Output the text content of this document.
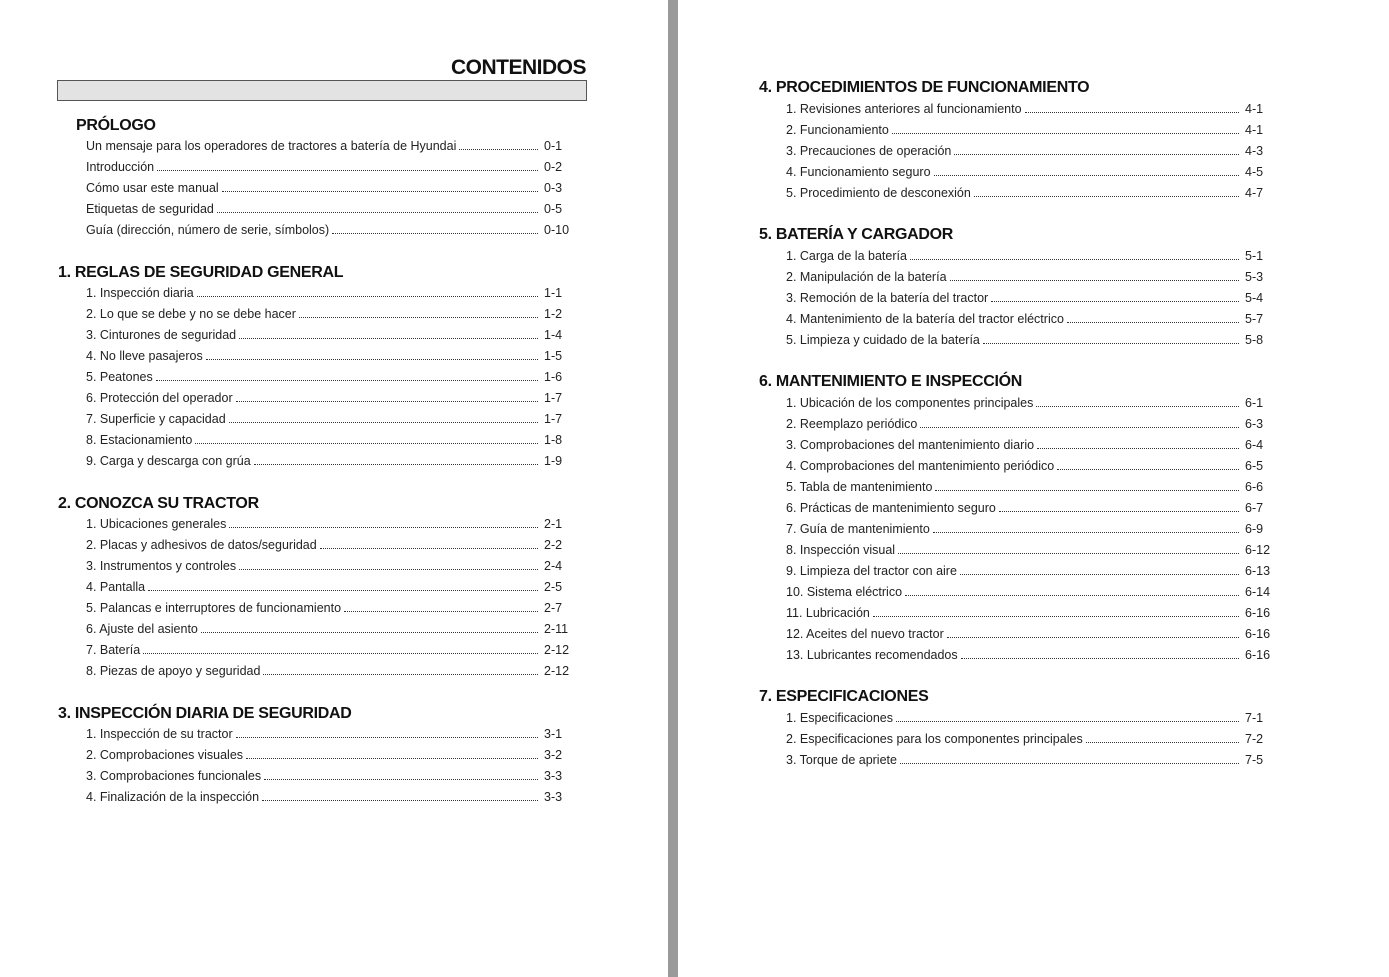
CONTENIDOS
PRÓLOGO
Un mensaje para los operadores de tractores a batería de Hyundai	0-1
Introducción	0-2
Cómo usar este manual	0-3
Etiquetas de seguridad	0-5
Guía (dirección, número de serie, símbolos)	0-10
1. REGLAS DE SEGURIDAD GENERAL
1. Inspección diaria	1-1
2. Lo que se debe y no se debe hacer	1-2
3. Cinturones de seguridad	1-4
4. No lleve pasajeros	1-5
5. Peatones	1-6
6. Protección del operador	1-7
7. Superficie y capacidad	1-7
8. Estacionamiento	1-8
9. Carga y descarga con grúa	1-9
2. CONOZCA SU TRACTOR
1. Ubicaciones generales	2-1
2. Placas y adhesivos de datos/seguridad	2-2
3. Instrumentos y controles	2-4
4. Pantalla	2-5
5. Palancas e interruptores de funcionamiento	2-7
6. Ajuste del asiento	2-11
7. Batería	2-12
8. Piezas de apoyo y seguridad	2-12
3. INSPECCIÓN DIARIA DE SEGURIDAD
1. Inspección de su tractor	3-1
2. Comprobaciones visuales	3-2
3. Comprobaciones funcionales	3-3
4. Finalización de la inspección	3-3
4. PROCEDIMIENTOS DE FUNCIONAMIENTO
1. Revisiones anteriores al funcionamiento	4-1
2. Funcionamiento	4-1
3. Precauciones de operación	4-3
4. Funcionamiento seguro	4-5
5. Procedimiento de desconexión	4-7
5. BATERÍA Y CARGADOR
1. Carga de la batería	5-1
2. Manipulación de la batería	5-3
3. Remoción de la batería del tractor	5-4
4. Mantenimiento de la batería del tractor eléctrico	5-7
5. Limpieza y cuidado de la batería	5-8
6. MANTENIMIENTO E INSPECCIÓN
1. Ubicación de los componentes principales	6-1
2. Reemplazo periódico	6-3
3. Comprobaciones del mantenimiento diario	6-4
4. Comprobaciones del mantenimiento periódico	6-5
5. Tabla de mantenimiento	6-6
6. Prácticas de mantenimiento seguro	6-7
7. Guía de mantenimiento	6-9
8. Inspección visual	6-12
9. Limpieza del tractor con aire	6-13
10. Sistema eléctrico	6-14
11. Lubricación	6-16
12. Aceites del nuevo tractor	6-16
13. Lubricantes recomendados	6-16
7. ESPECIFICACIONES
1. Especificaciones	7-1
2. Especificaciones para los componentes principales	7-2
3. Torque de apriete	7-5
